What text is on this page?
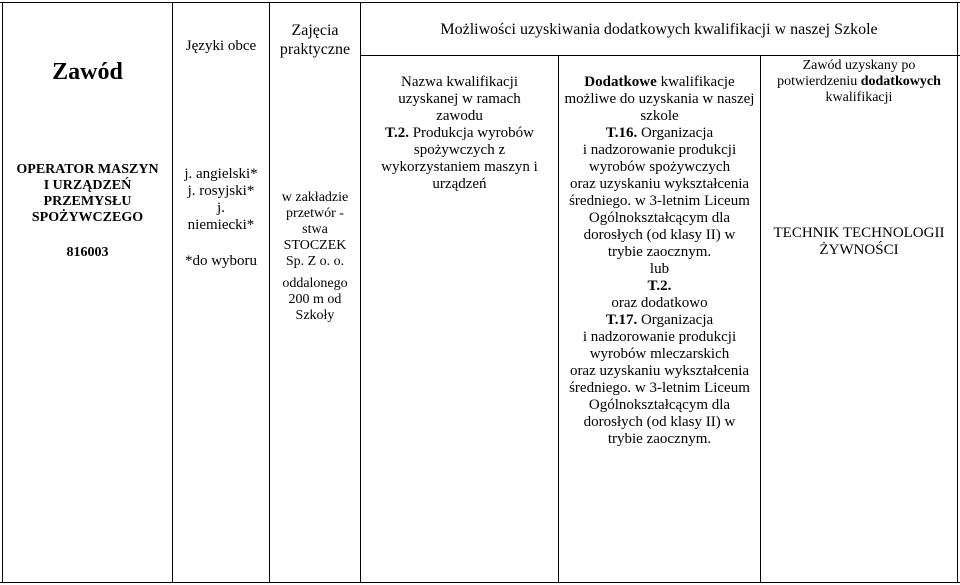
Zawód
OPERATOR MASZYN
I URZĄDZEŃ
PRZEMYSŁU
SPOŻYWCZEGO
816003
Języki obce
j. angielski*
j. rosyjski*
j.
niemiecki*
*do wyboru
Zajęcia praktyczne
w zakładzie
przetwór -
stwa
STOCZEK
Sp. Z o. o.
oddalonego
200 m od
Szkoły
Możliwości uzyskiwania dodatkowych kwalifikacji w naszej Szkole
Nazwa kwalifikacji uzyskanej w ramach zawodu
T.2. Produkcja wyrobów spożywczych z wykorzystaniem maszyn i urządzeń
Dodatkowe kwalifikacje
możliwe do uzyskania w naszej szkole
T.16. Organizacja
i nadzorowanie produkcji
wyrobów spożywczych
oraz uzyskaniu wykształcenia
średniego. w 3-letnim Liceum
Ogólnokształcącym dla
dorosłych (od klasy II) w
trybie zaocznym.
lub
T.2.
oraz dodatkowo
T.17. Organizacja
i nadzorowanie produkcji
wyrobów mleczarskich
oraz uzyskaniu wykształcenia
średniego. w 3-letnim Liceum
Ogólnokształcącym dla
dorosłych (od klasy II) w
trybie zaocznym.
Zawód uzyskany po
potwierdzeniu dodatkowych
kwalifikacji
TECHNIK TECHNOLOGII
ŻYWNOŚCI
